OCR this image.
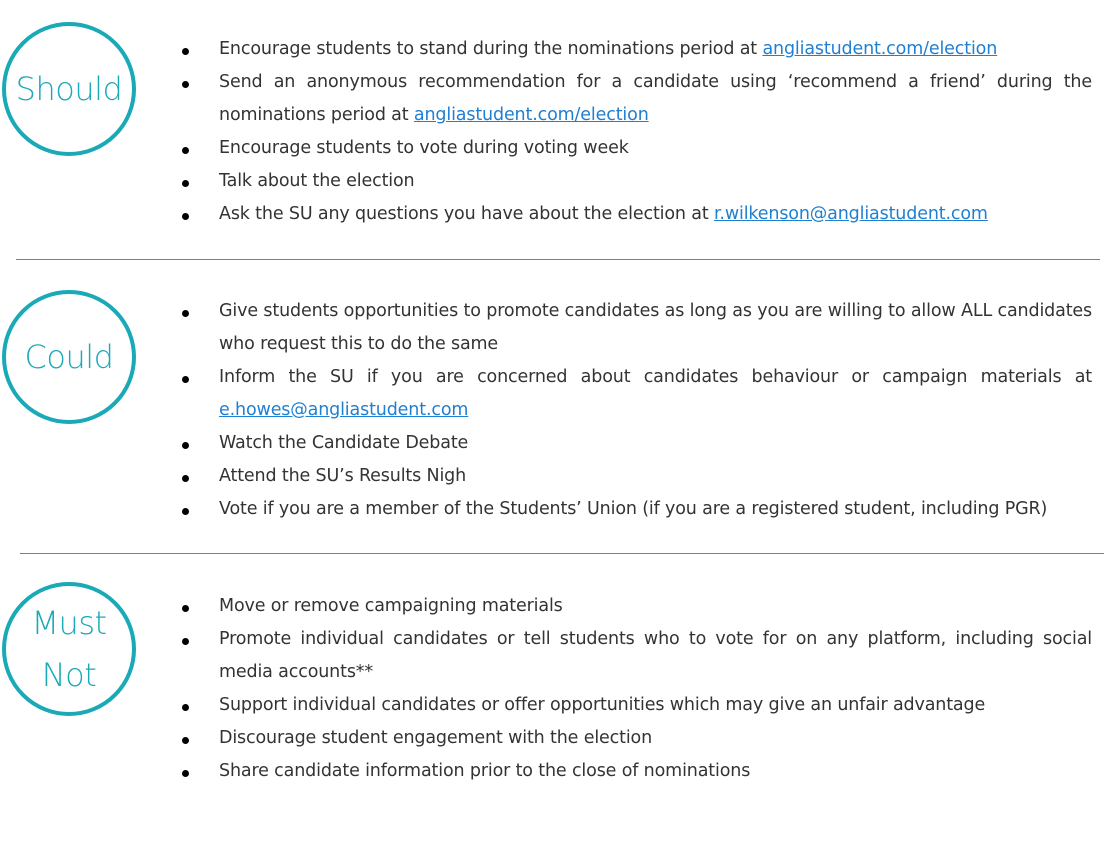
Should
Encourage students to stand during the nominations period at angliastudent.com/election
Send an anonymous recommendation for a candidate using ‘recommend a friend’ during the nominations period at angliastudent.com/election
Encourage students to vote during voting week
Talk about the election
Ask the SU any questions you have about the election at r.wilkenson@angliastudent.com
Could
Give students opportunities to promote candidates as long as you are willing to allow ALL candidates who request this to do the same
Inform the SU if you are concerned about candidates behaviour or campaign materials at e.howes@angliastudent.com
Watch the Candidate Debate
Attend the SU’s Results Nigh
Vote if you are a member of the Students’ Union (if you are a registered student, including PGR)
Must
Not
Move or remove campaigning materials
Promote individual candidates or tell students who to vote for on any platform, including social media accounts**
Support individual candidates or offer opportunities which may give an unfair advantage
Discourage student engagement with the election
Share candidate information prior to the close of nominations
